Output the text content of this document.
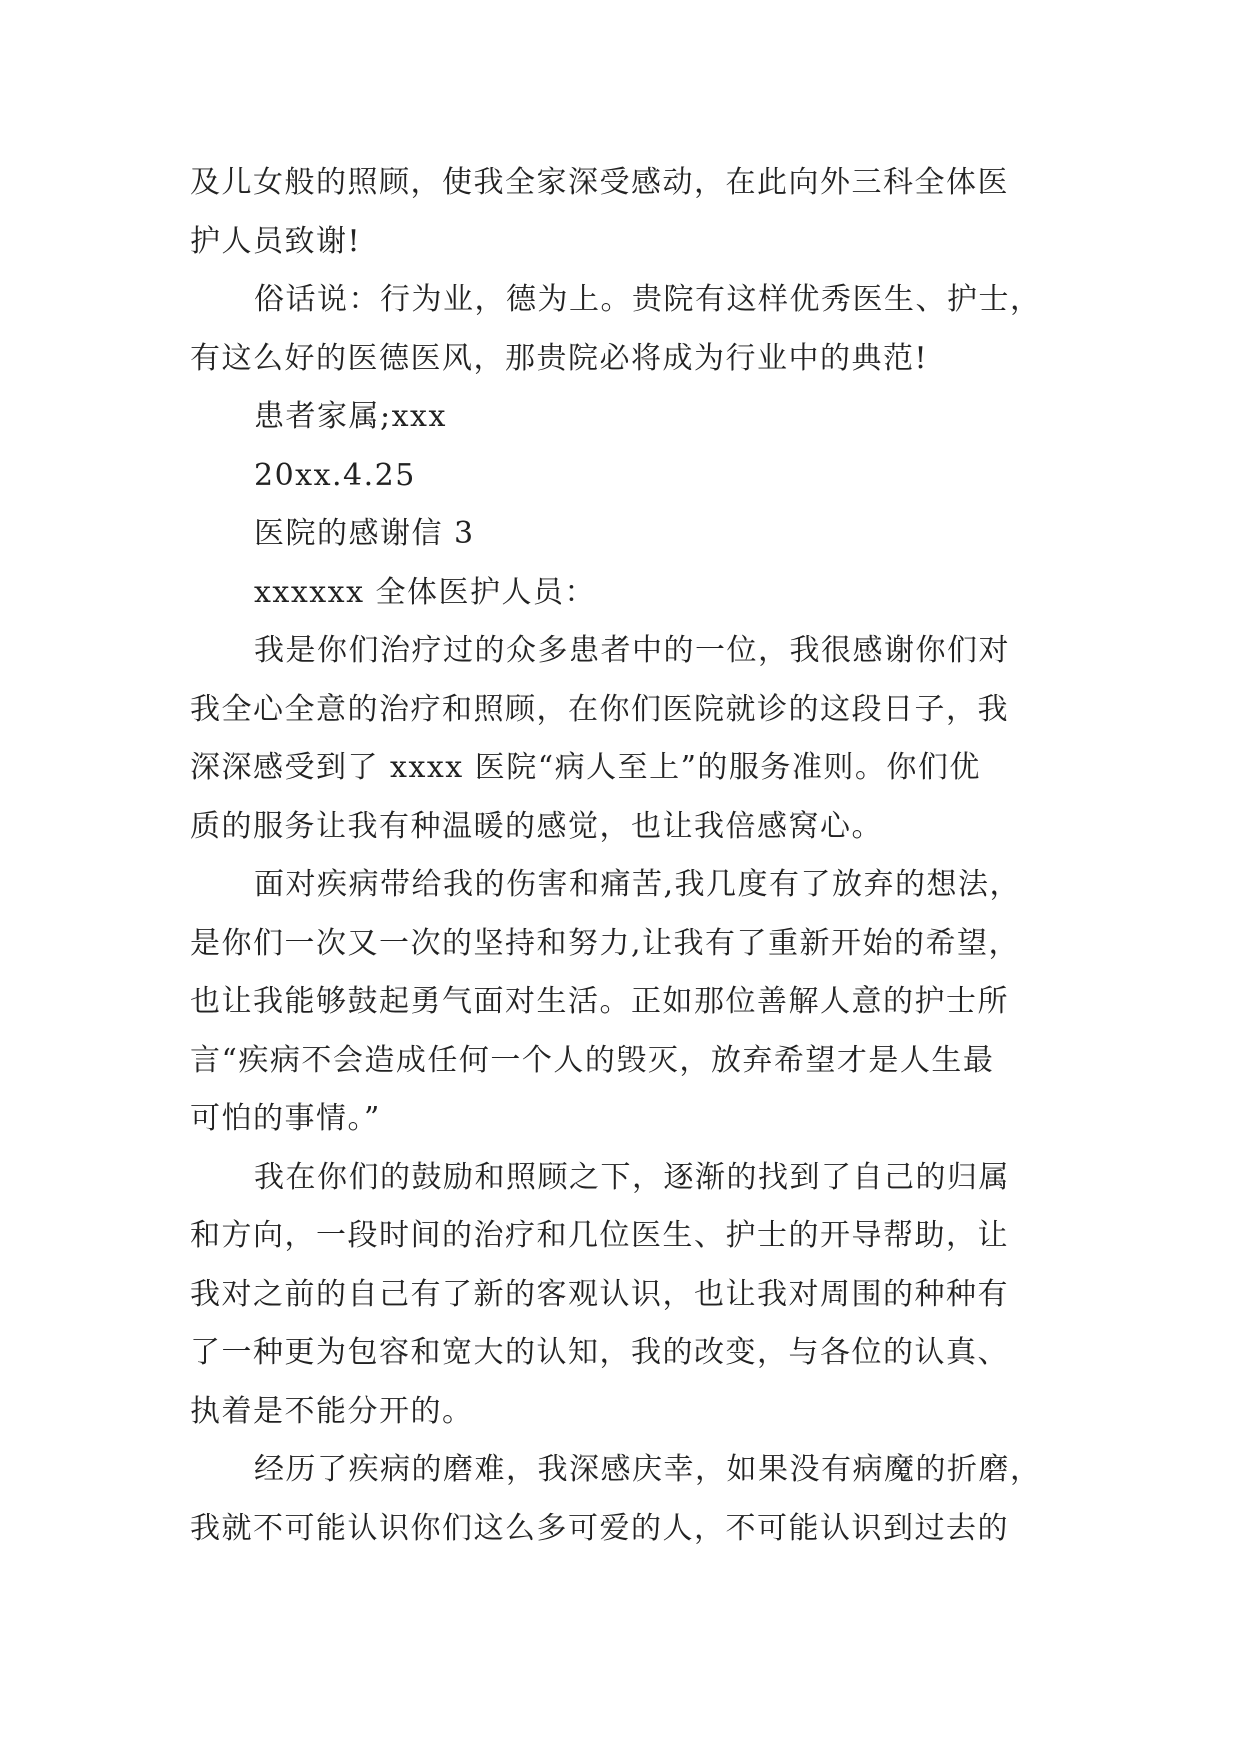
及儿女般的照顾，使我全家深受感动，在此向外三科全体医
护人员致谢!
俗话说：行为业，德为上。贵院有这样优秀医生、护士，
有这么好的医德医风，那贵院必将成为行业中的典范!
患者家属;xxx
20xx.4.25
医院的感谢信 3
xxxxxx 全体医护人员：
我是你们治疗过的众多患者中的一位，我很感谢你们对
我全心全意的治疗和照顾，在你们医院就诊的这段日子，我
深深感受到了 xxxx 医院“病人至上”的服务准则。你们优
质的服务让我有种温暖的感觉，也让我倍感窝心。
面对疾病带给我的伤害和痛苦,我几度有了放弃的想法，
是你们一次又一次的坚持和努力,让我有了重新开始的希望，
也让我能够鼓起勇气面对生活。正如那位善解人意的护士所
言“疾病不会造成任何一个人的毁灭，放弃希望才是人生最
可怕的事情。”
我在你们的鼓励和照顾之下，逐渐的找到了自己的归属
和方向，一段时间的治疗和几位医生、护士的开导帮助，让
我对之前的自己有了新的客观认识，也让我对周围的种种有
了一种更为包容和宽大的认知，我的改变，与各位的认真、
执着是不能分开的。
经历了疾病的磨难，我深感庆幸，如果没有病魔的折磨，
我就不可能认识你们这么多可爱的人，不可能认识到过去的
